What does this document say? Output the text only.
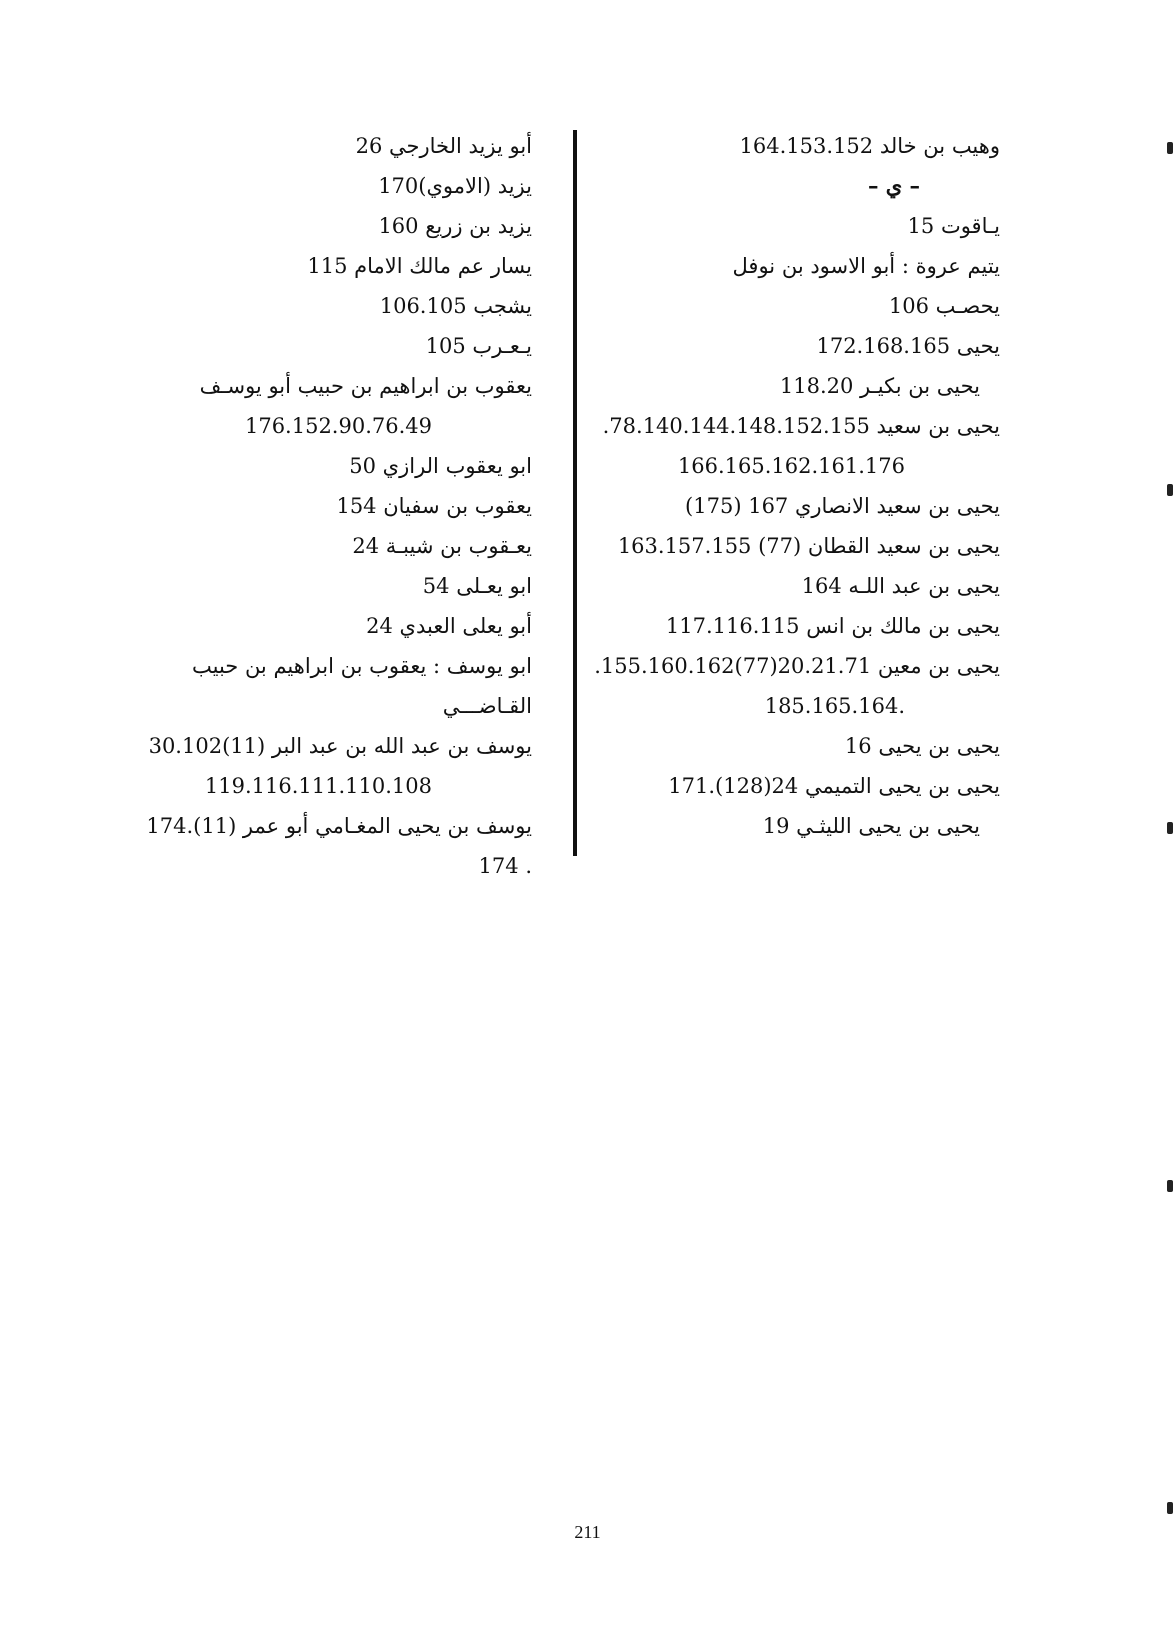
وهيب بن خالد 164.153.152
– ي –
يـاقوت 15
يتيم عروة : أبو الاسود بن نوفل
يحصـب 106
يحيى 172.168.165
يحيى بن بكيـر 118.20
يحيى بن سعيد 78.140.144.148.152.155.
166.165.162.161.176
يحيى بن سعيد الانصاري 167 (175)
يحيى بن سعيد القطان (77) 163.157.155
يحيى بن عبد اللـه 164
يحيى بن مالك بن انس 117.116.115
يحيى بن معين 20.21.71(77)155.160.162.
.185.165.164
يحيى بن يحيى 16
يحيى بن يحيى التميمي 24(128).171
يحيى بن يحيى الليثـي 19
أبو يزيد الخارجي 26
يزيد (الاموي)170
يزيد بن زريع 160
يسار عم مالك الامام 115
يشجب 106.105
يـعـرب 105
يعقوب بن ابراهيم بن حبيب أبو يوسـف
176.152.90.76.49
ابو يعقوب الرازي 50
يعقوب بن سفيان 154
يعـقوب بن شيبـة 24
ابو يعـلى 54
أبو يعلى العبدي 24
ابو يوسف : يعقوب بن ابراهيم بن حبيب
القـاضـــي
يوسف بن عبد الله بن عبد البر (11)30.102
119.116.111.110.108
يوسف بن يحيى المغـامي أبو عمر (11).174
. 174
211
